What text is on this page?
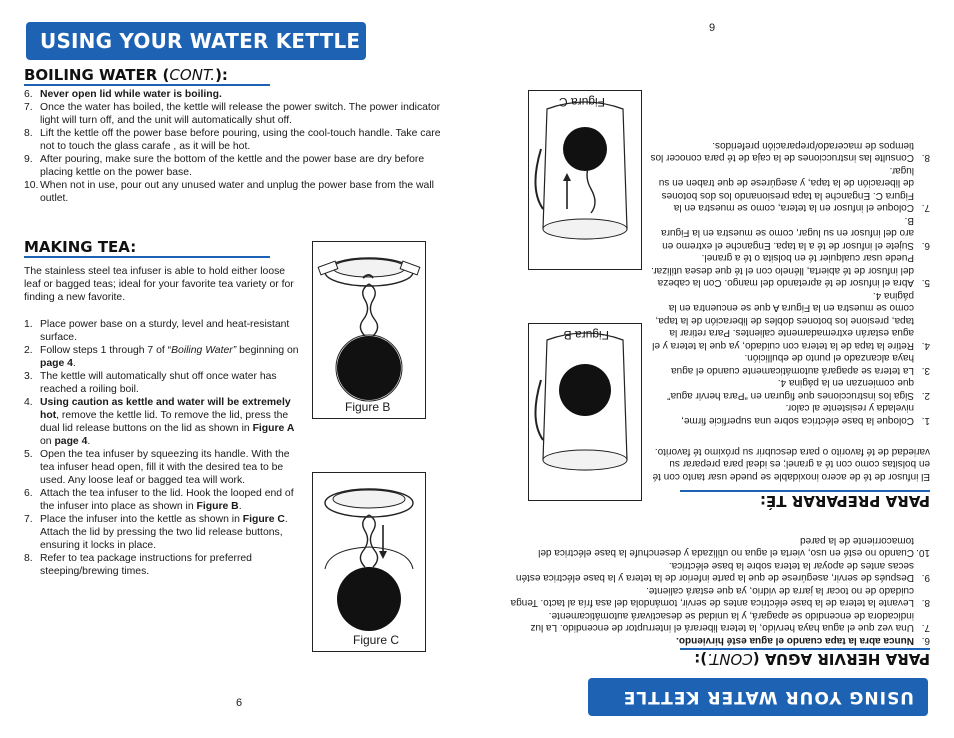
USING YOUR WATER KETTLE
BOILING WATER (CONT.):
6. Never open lid while water is boiling.
7. Once the water has boiled, the kettle will release the power switch. The power indicator light will turn off, and the unit will automatically shut off.
8. Lift the kettle off the power base before pouring, using the cool-touch handle. Take care not to touch the glass carafe , as it will be hot.
9. After pouring, make sure the bottom of the kettle and the power base are dry before placing kettle on the power base.
10. When not in use, pour out any unused water and unplug the power base from the wall outlet.
MAKING TEA:

The stainless steel tea infuser is able to hold either loose leaf or bagged teas; ideal for your favorite tea variety or for finding a new favorite.

1. Place power base on a sturdy, level and heat-resistant surface.
2. Follow steps 1 through 7 of “Boiling Water” beginning on page 4.
3. The kettle will automatically shut off once water has reached a roiling boil.
4. Using caution as kettle and water will be extremely hot, remove the kettle lid. To remove the lid, press the dual lid release buttons on the lid as shown in Figure A on page 4.
5. Open the tea infuser by squeezing its handle. With the tea infuser head open, fill it with the desired tea to be used. Any loose leaf or bagged tea will work.
6. Attach the tea infuser to the lid. Hook the looped end of the infuser into place as shown in Figure B.
7. Place the infuser into the kettle as shown in Figure C. Attach the lid by pressing the two lid release buttons, ensuring it locks in place.
8. Refer to tea package instructions for preferred steeping/brewing times.
Figure B
Figure C
6
9
USING YOUR WATER KETTLE
PARA HERVIR AGUA (CONT.):
6.
Nunca abra la tapa cuando el agua esté hirviendo.
7.
Una vez que el agua haya hervido, la tetera liberará el interruptor de encendido. La luz indicadora de encendido se apagará, y la unidad se desactivará automáticamente.
8.
Levante la tetera de la base eléctrica antes de servir, tomándola del asa fría al tacto. Tenga cuidado de no tocar la jarra de vidrio, ya que estará caliente.
9.
Después de servir, asegúrese de que la parte inferior de la tetera y la base eléctrica estén secas antes de apoyar la tetera sobre la base eléctrica.
10.
Cuando no esté en uso, vierta el agua no utilizada y desenchufe la base eléctrica del tomacorriente de la pared
PARA PREPARAR TÉ:

El infusor de té de acero inoxidable se puede usar tanto con té en bolsitas como con té a granel; es ideal para preparar su variedad de té favorito o para descubrir su próximo té favorito.

1.
Coloque la base eléctrica sobre una superficie firme, nivelada y resistente al calor.
2.
Siga los instrucciones que figuran en “Para hervir agua” que comienzan en la página 4.
3.
La tetera se apagará automáticamente cuando el agua haya alcanzado el punto de ebullición.
4.
Retire la tapa de la tetera con cuidado, ya que la tetera y el agua estarán extremadamente calientes. Para retirar la tapa, presione los botones dobles de liberación de la tapa, como se muestra en la Figura A que se encuentra en la página 4.
5.
Abra el infusor de té apretando del mango. Con la cabeza del infusor de té abierta, llénelo con el té que desea utilizar. Puede usar cualquier té en bolsita o té a granel.
6.
Sujete el infusor de té a la tapa. Enganche el extremo en aro del infusor en su lugar, como se muestra en la Figura B.
7.
Coloque el infusor en la tetera, como se muestra en la Figura C. Enganche la tapa presionando los dos botones de liberación de la tapa, y asegúrese de que traben en su lugar.
8.
Consulte las instrucciones de la caja de té para conocer los tiempos de macerado/preparación preferidos.
Figura B
Figura C
